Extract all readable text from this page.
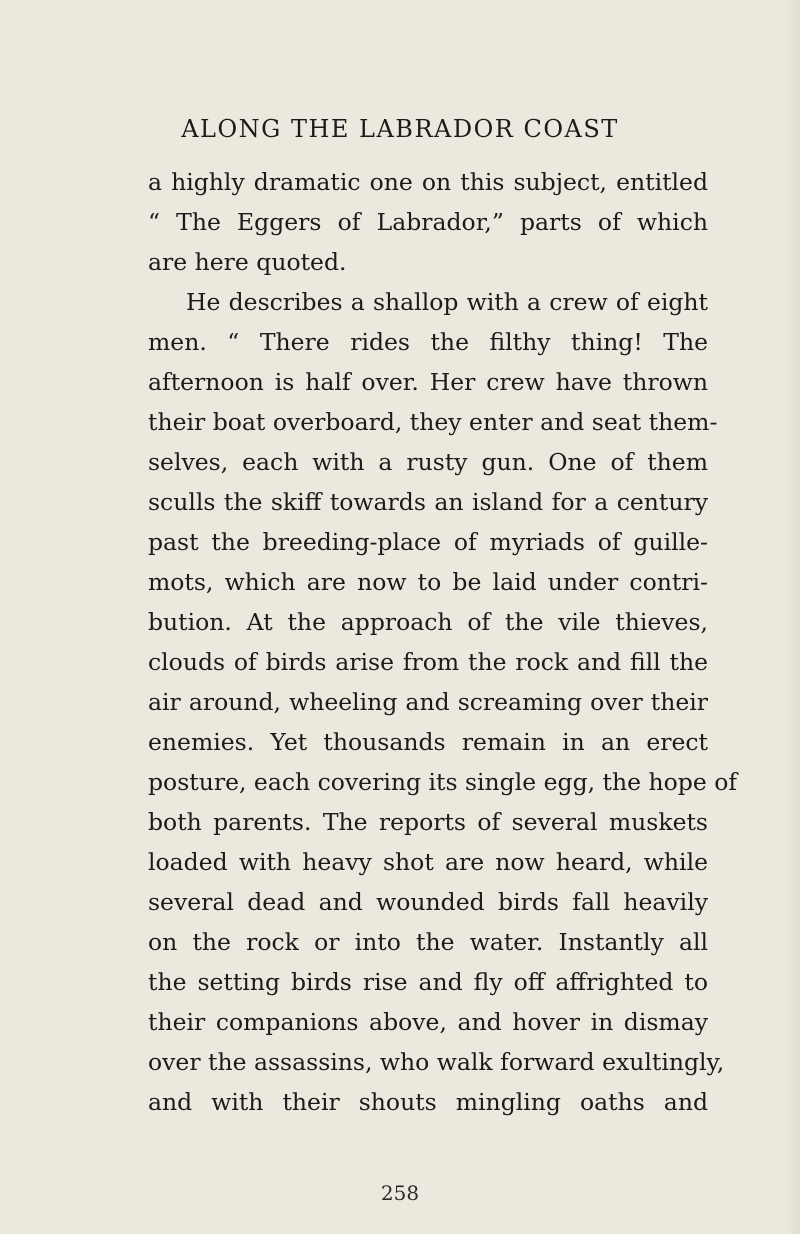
ALONG THE LABRADOR COAST
a highly dramatic one on this subject, entitled
“ The Eggers of Labrador,” parts of which
are here quoted.
He describes a shallop with a crew of eight
men. “ There rides the filthy thing! The
afternoon is half over. Her crew have thrown
their boat overboard, they enter and seat them-
selves, each with a rusty gun. One of them
sculls the skiff towards an island for a century
past the breeding-place of myriads of guille-
mots, which are now to be laid under contri-
bution. At the approach of the vile thieves,
clouds of birds arise from the rock and fill the
air around, wheeling and screaming over their
enemies. Yet thousands remain in an erect
posture, each covering its single egg, the hope of
both parents. The reports of several muskets
loaded with heavy shot are now heard, while
several dead and wounded birds fall heavily
on the rock or into the water. Instantly all
the setting birds rise and fly off affrighted to
their companions above, and hover in dismay
over the assassins, who walk forward exultingly,
and with their shouts mingling oaths and
258
